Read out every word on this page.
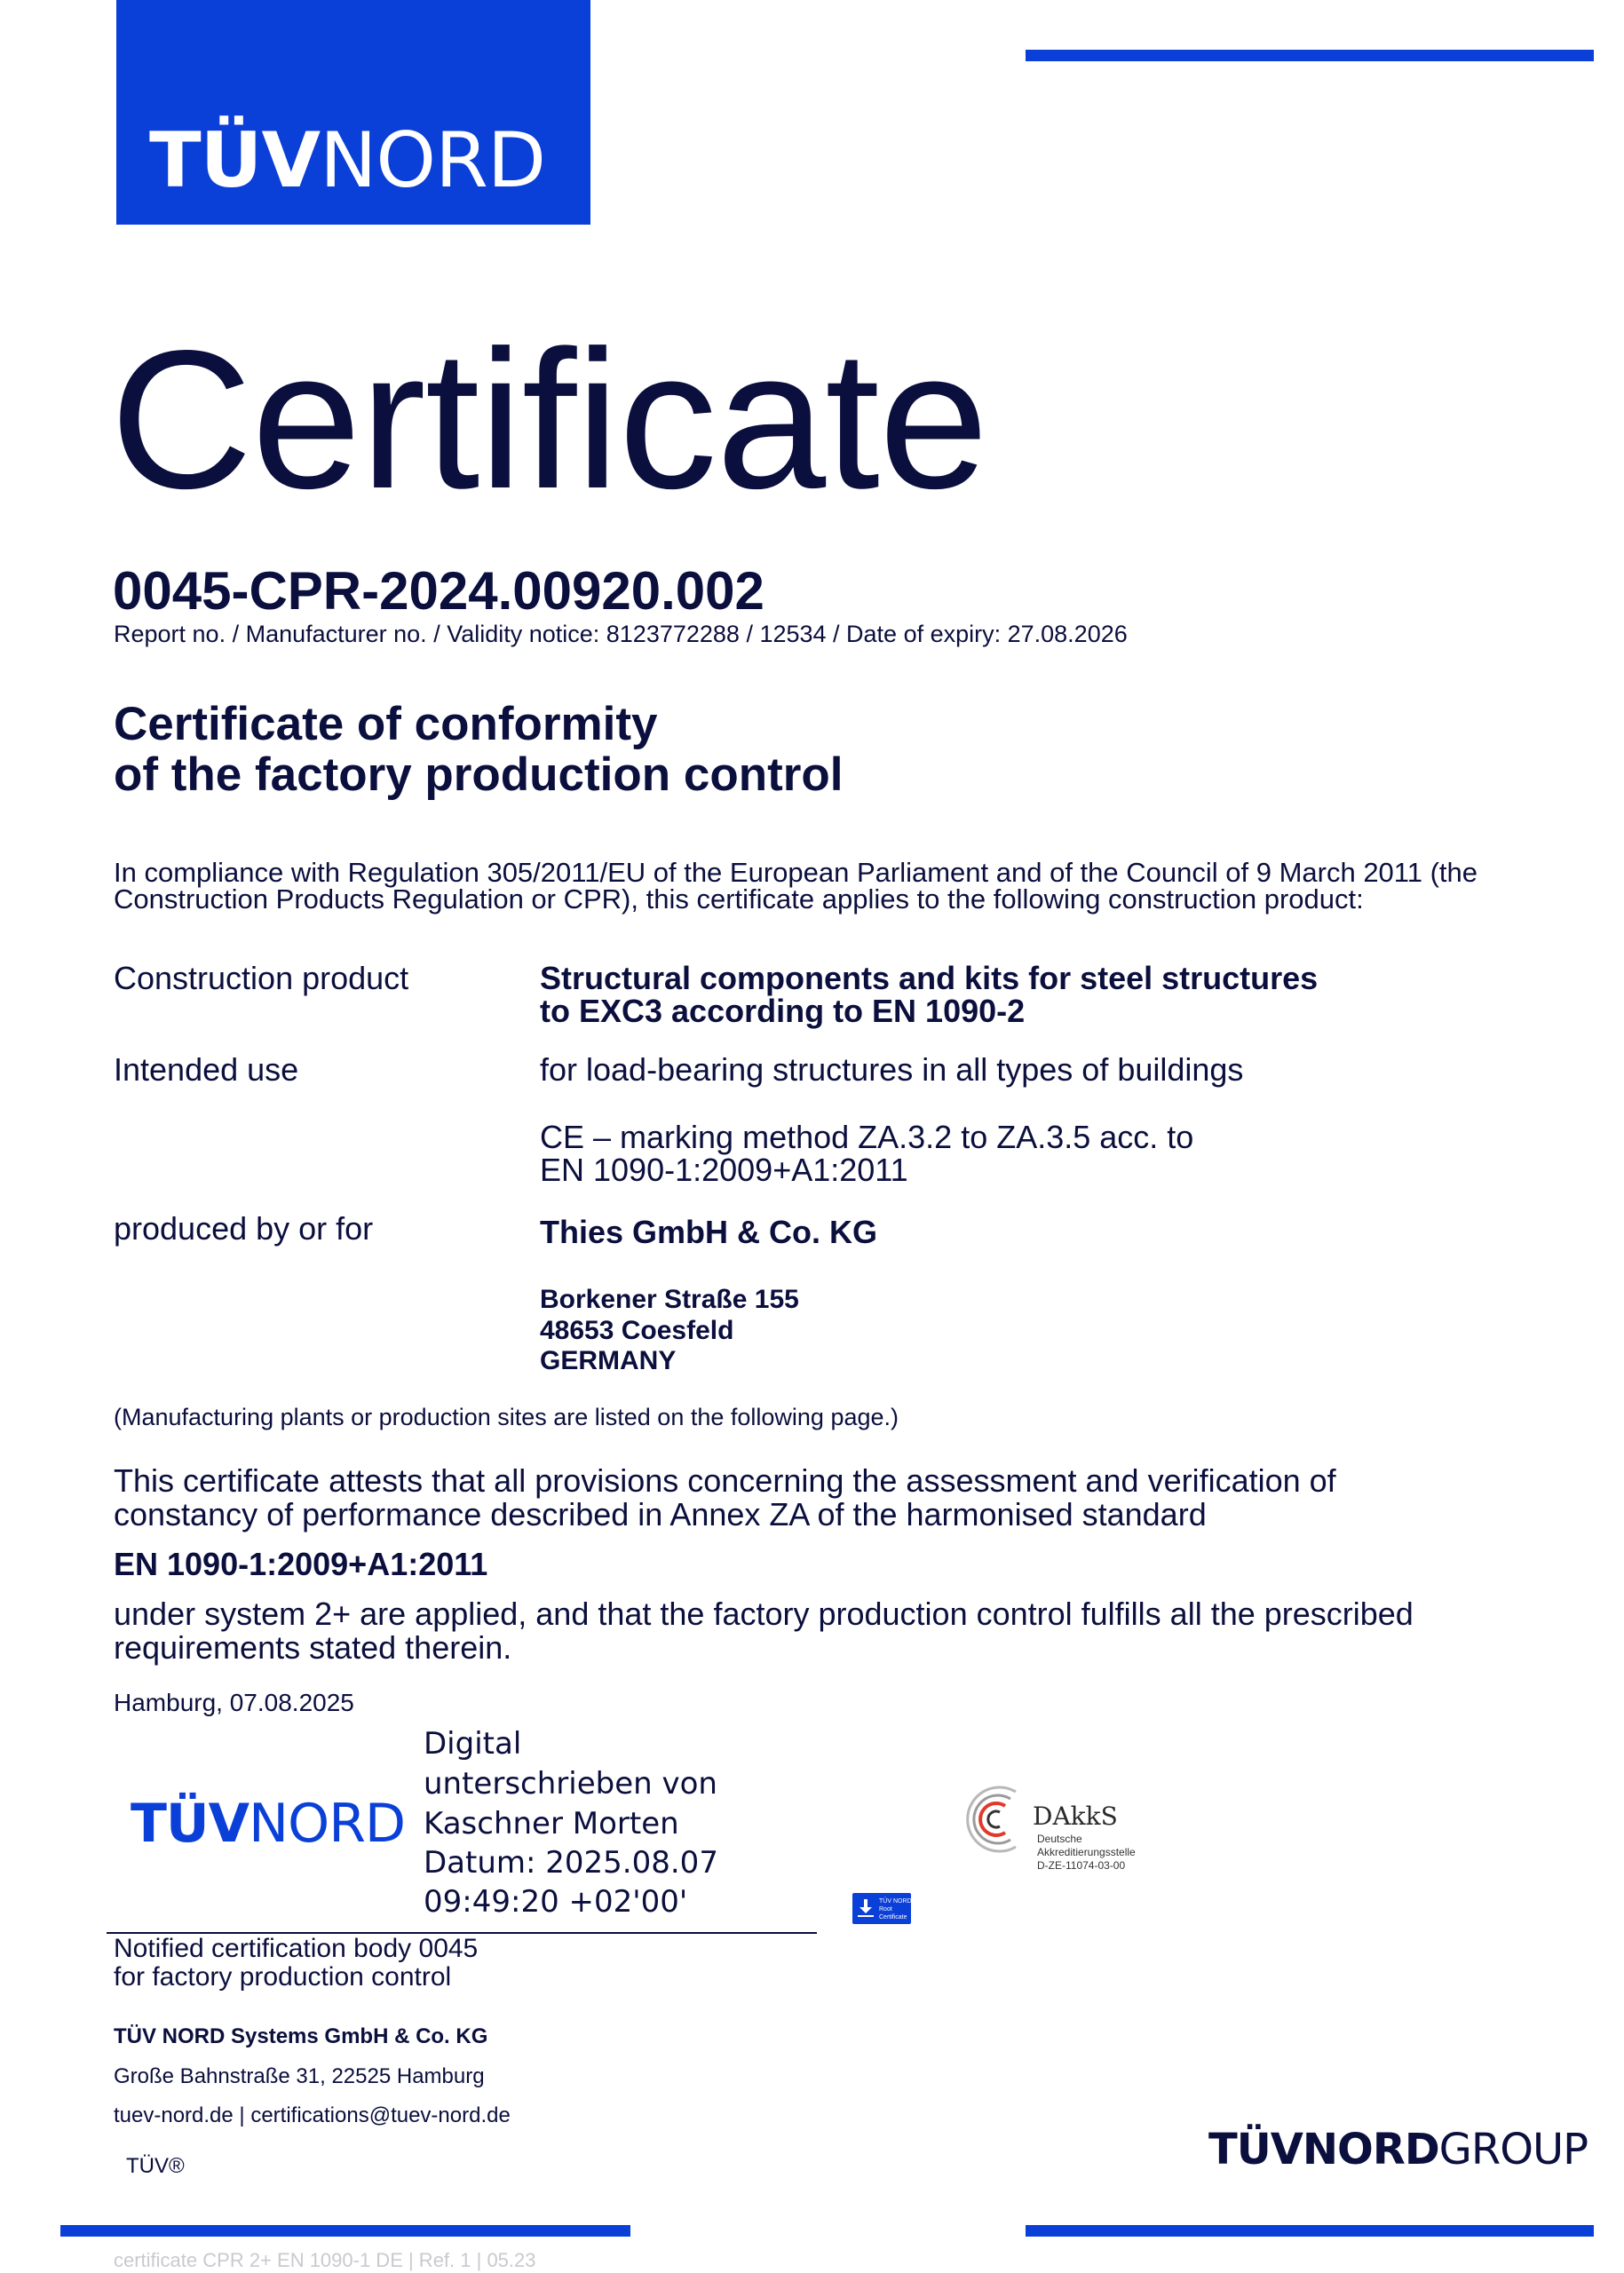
TÜVNORD
Certificate
0045-CPR-2024.00920.002
Report no. / Manufacturer no. / Validity notice: 8123772288 / 12534 / Date of expiry: 27.08.2026
Certificate of conformity
of the factory production control
In compliance with Regulation 305/2011/EU of the European Parliament and of the Council of 9 March 2011 (the
Construction Products Regulation or CPR), this certificate applies to the following construction product:
Construction product	Structural components and kits for steel structures
to EXC3 according to EN 1090-2
Intended use	for load-bearing structures in all types of buildings
CE – marking method ZA.3.2 to ZA.3.5 acc. to
EN 1090-1:2009+A1:2011
produced by or for	Thies GmbH & Co. KG
Borkener Straße 155
48653 Coesfeld
GERMANY
(Manufacturing plants or production sites are listed on the following page.)
This certificate attests that all provisions concerning the assessment and verification of
constancy of performance described in Annex ZA of the harmonised standard
EN 1090-1:2009+A1:2011
under system 2+ are applied, and that the factory production control fulfills all the prescribed
requirements stated therein.
Hamburg, 07.08.2025
TÜVNORD
Digital
unterschrieben von
Kaschner Morten
Datum: 2025.08.07
09:49:20 +02'00'
Notified certification body 0045
for factory production control
TÜV NORD Systems GmbH & Co. KG
Große Bahnstraße 31, 22525 Hamburg
tuev-nord.de | certifications@tuev-nord.de
DAkkS
Deutsche
Akkreditierungsstelle
D-ZE-11074-03-00
TÜV NORD
Root
Certificate
TÜV®	TÜVNORDGROUP
certificate CPR 2+ EN 1090-1 DE | Ref. 1 | 05.23
